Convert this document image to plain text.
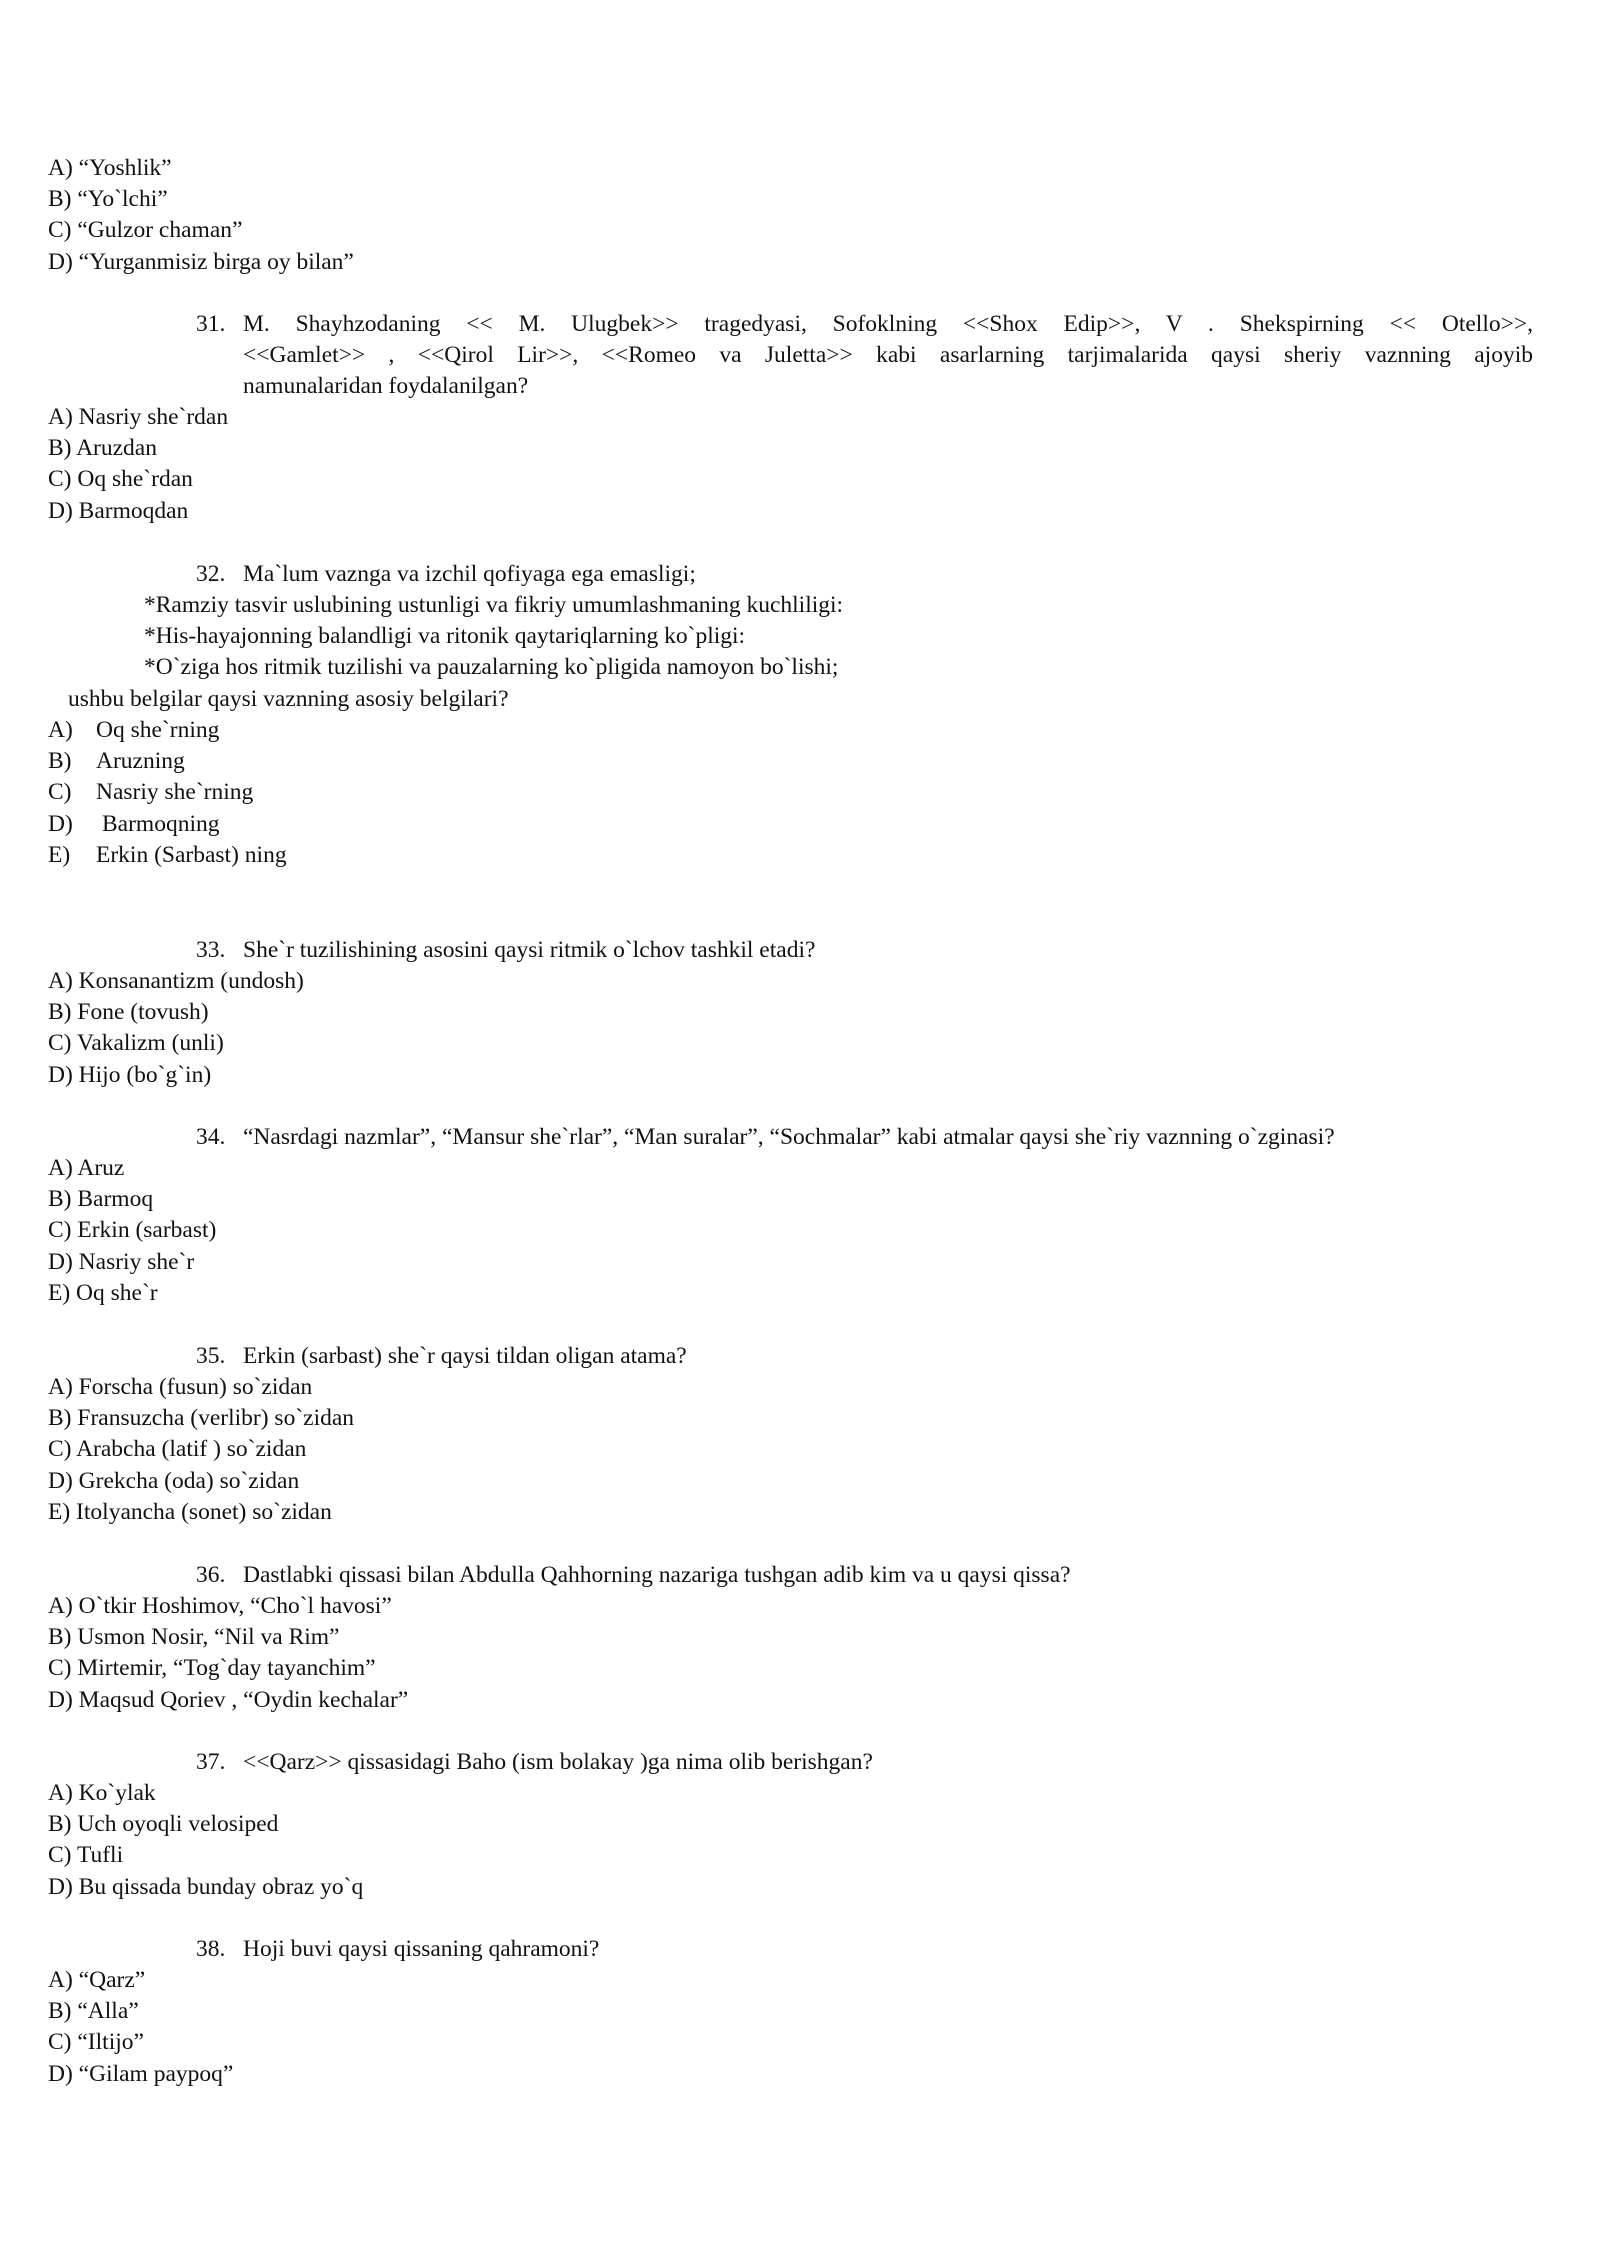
A) “Yoshlik”
B) “Yo`lchi”
C) “Gulzor chaman”
D) “Yurganmisiz birga oy bilan”
31. M. Shayhzodaning << M. Ulugbek>> tragedyasi, Sofoklning <<Shox Edip>>, V . Shekspirning << Otello>>,
<<Gamlet>> , <<Qirol Lir>>, <<Romeo va Juletta>> kabi asarlarning tarjimalarida qaysi sheriy vaznning ajoyib
namunalaridan foydalanilgan?
A) Nasriy she`rdan
B) Aruzdan
C) Oq she`rdan
D) Barmoqdan
32. Ma`lum vaznga va izchil qofiyaga ega emasligi;
*Ramziy tasvir uslubining ustunligi va fikriy umumlashmaning kuchliligi:
*His-hayajonning balandligi va ritonik qaytariqlarning ko`pligi:
*O`ziga hos ritmik tuzilishi va pauzalarning ko`pligida namoyon bo`lishi;
ushbu belgilar qaysi vaznning asosiy belgilari?
A) Oq she`rning
B) Aruzning
C) Nasriy she`rning
D) Barmoqning
E) Erkin (Sarbast) ning
33. She`r tuzilishining asosini qaysi ritmik o`lchov tashkil etadi?
A) Konsanantizm (undosh)
B) Fone (tovush)
C) Vakalizm (unli)
D) Hijo (bo`g`in)
34. “Nasrdagi nazmlar”, “Mansur she`rlar”, “Man suralar”, “Sochmalar” kabi atmalar qaysi she`riy vaznning o`zginasi?
A) Aruz
B) Barmoq
C) Erkin (sarbast)
D) Nasriy she`r
E) Oq she`r
35. Erkin (sarbast) she`r qaysi tildan oligan atama?
A) Forscha (fusun) so`zidan
B) Fransuzcha (verlibr) so`zidan
C) Arabcha (latif ) so`zidan
D) Grekcha (oda) so`zidan
E) Itolyancha (sonet) so`zidan
36. Dastlabki qissasi bilan Abdulla Qahhorning nazariga tushgan adib kim va u qaysi qissa?
A) O`tkir Hoshimov, “Cho`l havosi”
B) Usmon Nosir, “Nil va Rim”
C) Mirtemir, “Tog`day tayanchim”
D) Maqsud Qoriev , “Oydin kechalar”
37. <<Qarz>> qissasidagi Baho (ism bolakay )ga nima olib berishgan?
A) Ko`ylak
B) Uch oyoqli velosiped
C) Tufli
D) Bu qissada bunday obraz yo`q
38. Hoji buvi qaysi qissaning qahramoni?
A) “Qarz”
B) “Alla”
C) “Iltijo”
D) “Gilam paypoq”
